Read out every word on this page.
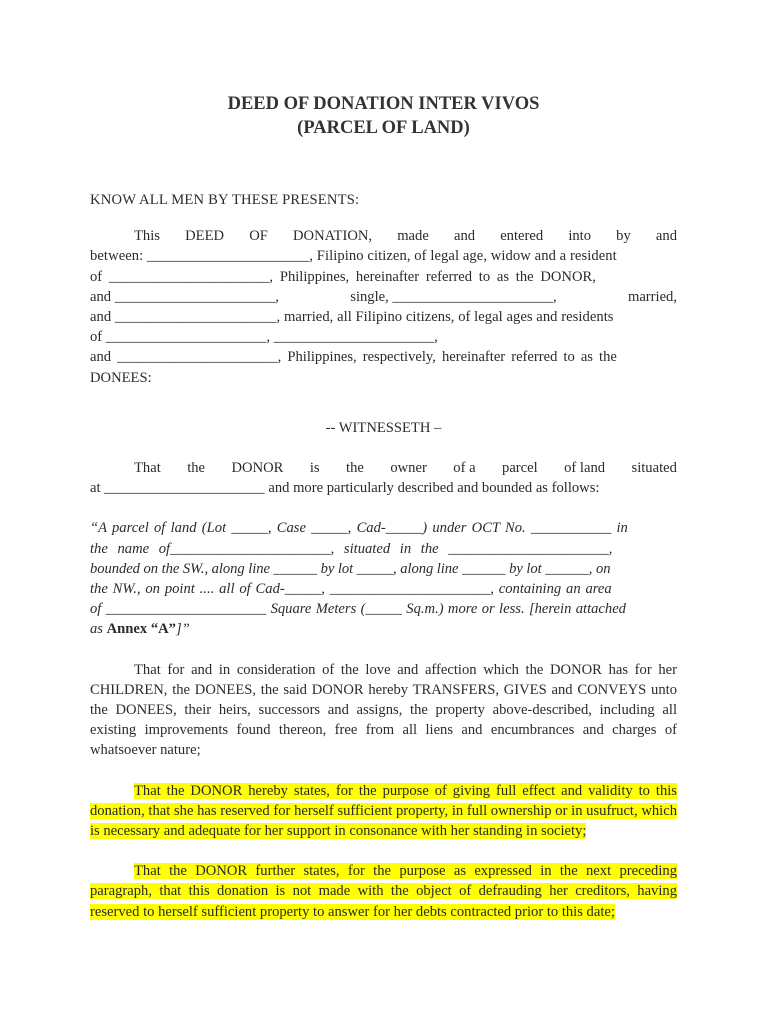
DEED OF DONATION INTER VIVOS

(PARCEL OF LAND)

KNOW ALL MEN BY THESE PRESENTS:

This DEED OF DONATION, made and entered into by and

between: ______________________, Filipino citizen, of legal age, widow and a resident

of ______________________, Philippines, hereinafter referred to as the DONOR,

and ______________________,	single, ______________________,	married,

and ______________________, married, all Filipino citizens, of legal ages and residents

of ______________________, ______________________,

and ______________________, Philippines, respectively, hereinafter referred to as the

DONEES:

-- WITNESSETH –

That the DONOR is the owner of a parcel of land situated

at ______________________ and more particularly described and bounded as follows:

“A parcel of land (Lot _____, Case _____, Cad-_____) under OCT No. ___________ in

the name of______________________, situated in the ______________________,

bounded on the SW., along line ______ by lot _____, along line ______ by lot ______, on

the NW., on point .... all of Cad-_____, ______________________, containing an area

of ______________________ Square Meters (_____ Sq.m.) more or less. [herein attached

as Annex “A”]”

That for and in consideration of the love and affection which the DONOR has for her CHILDREN, the DONEES, the said DONOR hereby TRANSFERS, GIVES and CONVEYS unto the DONEES, their heirs, successors and assigns, the property above-described, including all existing improvements found thereon, free from all liens and encumbrances and charges of whatsoever nature;

That the DONOR hereby states, for the purpose of giving full effect and validity to this donation, that she has reserved for herself sufficient property, in full ownership or in usufruct, which is necessary and adequate for her support in consonance with her standing in society;

That the DONOR further states, for the purpose as expressed in the next preceding paragraph, that this donation is not made with the object of defrauding her creditors, having reserved to herself sufficient property to answer for her debts contracted prior to this date;
